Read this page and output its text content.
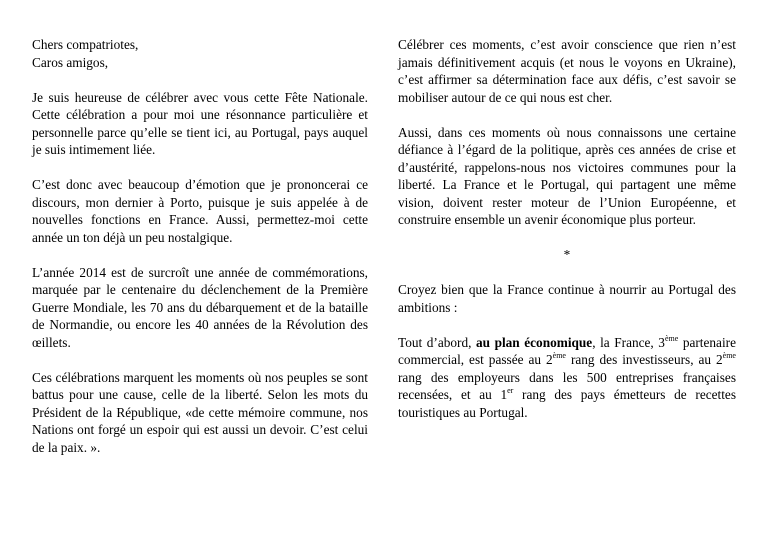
Chers compatriotes,

Caros amigos,

Je suis heureuse de célébrer avec vous cette Fête Nationale. Cette célébration a pour moi une résonnance particulière et personnelle parce qu’elle se tient ici, au Portugal, pays auquel je suis intimement liée.

C’est donc avec beaucoup d’émotion que je prononcerai ce discours, mon dernier à Porto, puisque je suis appelée à de nouvelles fonctions en France. Aussi, permettez-moi cette année un ton déjà un peu nostalgique.

L’année 2014 est de surcroît une année de commémorations, marquée par le centenaire du déclenchement de la Première Guerre Mondiale, les 70 ans du débarquement et de la bataille de Normandie, ou encore les 40 années de la Révolution des œillets.

Ces célébrations marquent les moments où nos peuples se sont battus pour une cause, celle de la liberté. Selon les mots du Président de la République, «de cette mémoire commune, nos Nations ont forgé un espoir qui est aussi un devoir. C’est celui de la paix. ».

Célébrer ces moments, c’est avoir conscience que rien n’est jamais définitivement acquis (et nous le voyons en Ukraine), c’est affirmer sa détermination face aux défis, c’est savoir se mobiliser autour de ce qui nous est cher.

Aussi, dans ces moments où nous connaissons une certaine défiance à l’égard de la politique, après ces années de crise et d’austérité, rappelons-nous nos victoires communes pour la liberté. La France et le Portugal, qui partagent une même vision, doivent rester moteur de l’Union Européenne, et construire ensemble un avenir économique plus porteur.

*

Croyez bien que la France continue à nourrir au Portugal des ambitions :

Tout d’abord, au plan économique, la France, 3ème partenaire commercial, est passée au 2ème rang des investisseurs, au 2ème rang des employeurs dans les 500 entreprises françaises recensées, et au 1er rang des pays émetteurs de recettes touristiques au Portugal.
